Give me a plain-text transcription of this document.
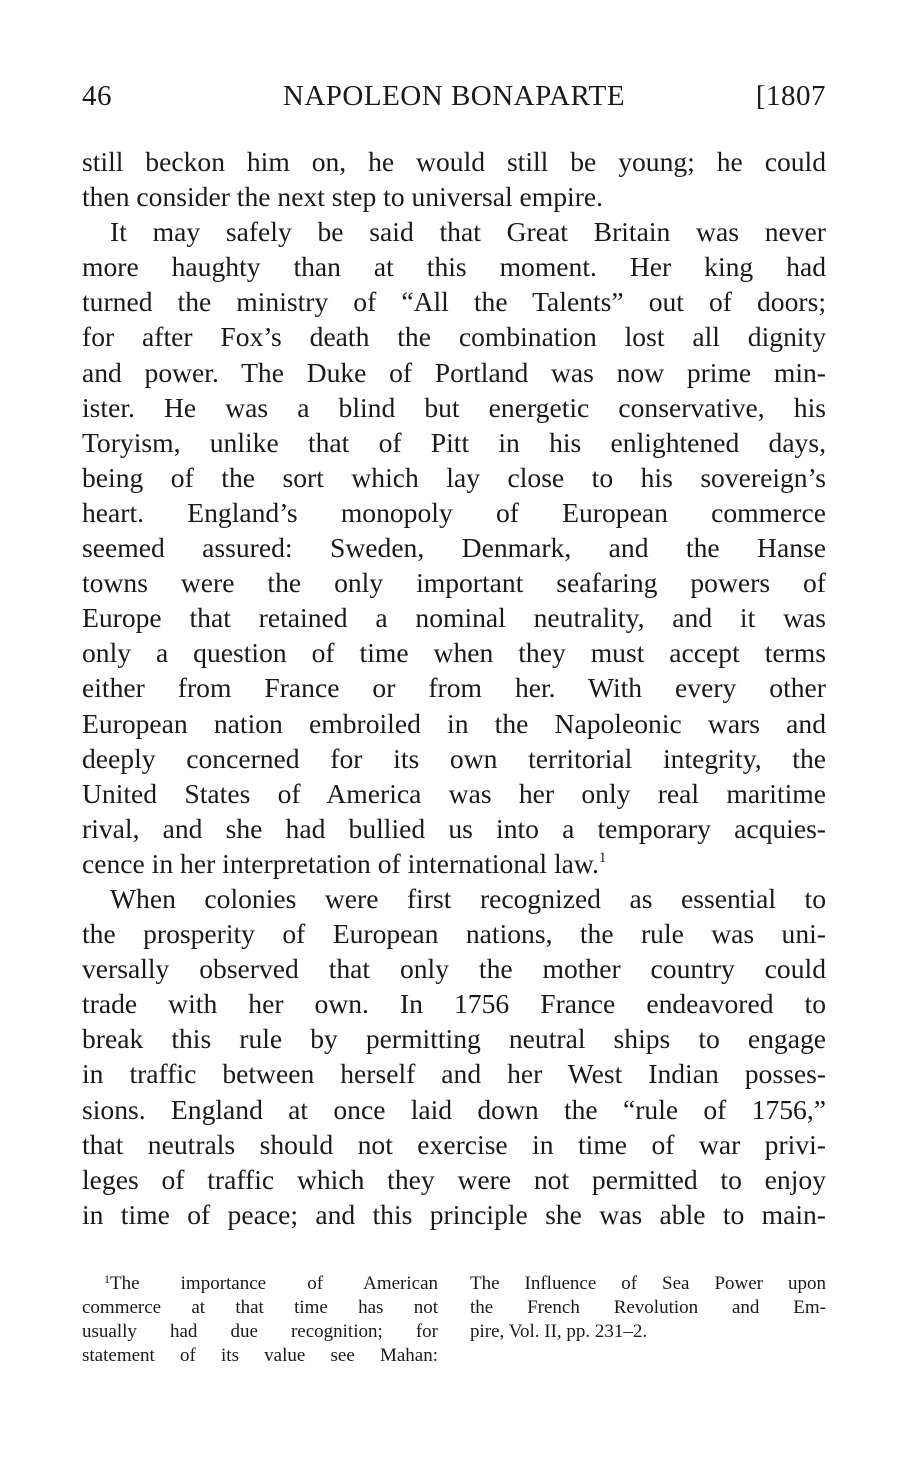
46	NAPOLEON BONAPARTE	[1807
still beckon him on, he would still be young; he could
then consider the next step to universal empire.
It may safely be said that Great Britain was never
more haughty than at this moment. Her king had
turned the ministry of “All the Talents” out of doors;
for after Fox’s death the combination lost all dignity
and power. The Duke of Portland was now prime min-
ister. He was a blind but energetic conservative, his
Toryism, unlike that of Pitt in his enlightened days,
being of the sort which lay close to his sovereign’s
heart. England’s monopoly of European commerce
seemed assured: Sweden, Denmark, and the Hanse
towns were the only important seafaring powers of
Europe that retained a nominal neutrality, and it was
only a question of time when they must accept terms
either from France or from her. With every other
European nation embroiled in the Napoleonic wars and
deeply concerned for its own territorial integrity, the
United States of America was her only real maritime
rival, and she had bullied us into a temporary acquies-
cence in her interpretation of international law.$^1$
When colonies were first recognized as essential to
the prosperity of European nations, the rule was uni-
versally observed that only the mother country could
trade with her own. In 1756 France endeavored to
break this rule by permitting neutral ships to engage
in traffic between herself and her West Indian posses-
sions. England at once laid down the “rule of 1756,”
that neutrals should not exercise in time of war privi-
leges of traffic which they were not permitted to enjoy
in time of peace; and this principle she was able to main-
$^1$The importance of American
commerce at that time has not
usually had due recognition; for
statement of its value see Mahan:
The Influence of Sea Power upon
the French Revolution and Em-
pire, Vol. II, pp. 231–2.
